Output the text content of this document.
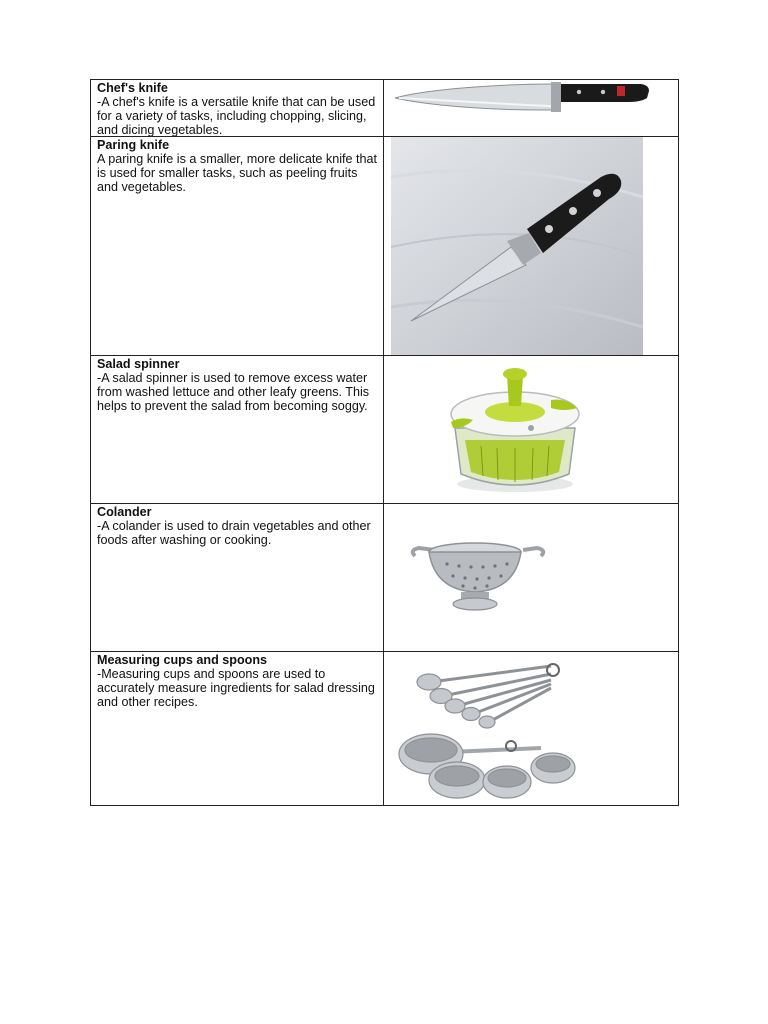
Chef's knife
-A chef's knife is a versatile knife that can be used for a variety of tasks, including chopping, slicing, and dicing vegetables.
Paring knife
A paring knife is a smaller, more delicate knife that is used for smaller tasks, such as peeling fruits and vegetables.
Salad spinner
-A salad spinner is used to remove excess water from washed lettuce and other leafy greens. This helps to prevent the salad from becoming soggy.
Colander
-A colander is used to drain vegetables and other foods after washing or cooking.
Measuring cups and spoons
-Measuring cups and spoons are used to accurately measure ingredients for salad dressing and other recipes.
